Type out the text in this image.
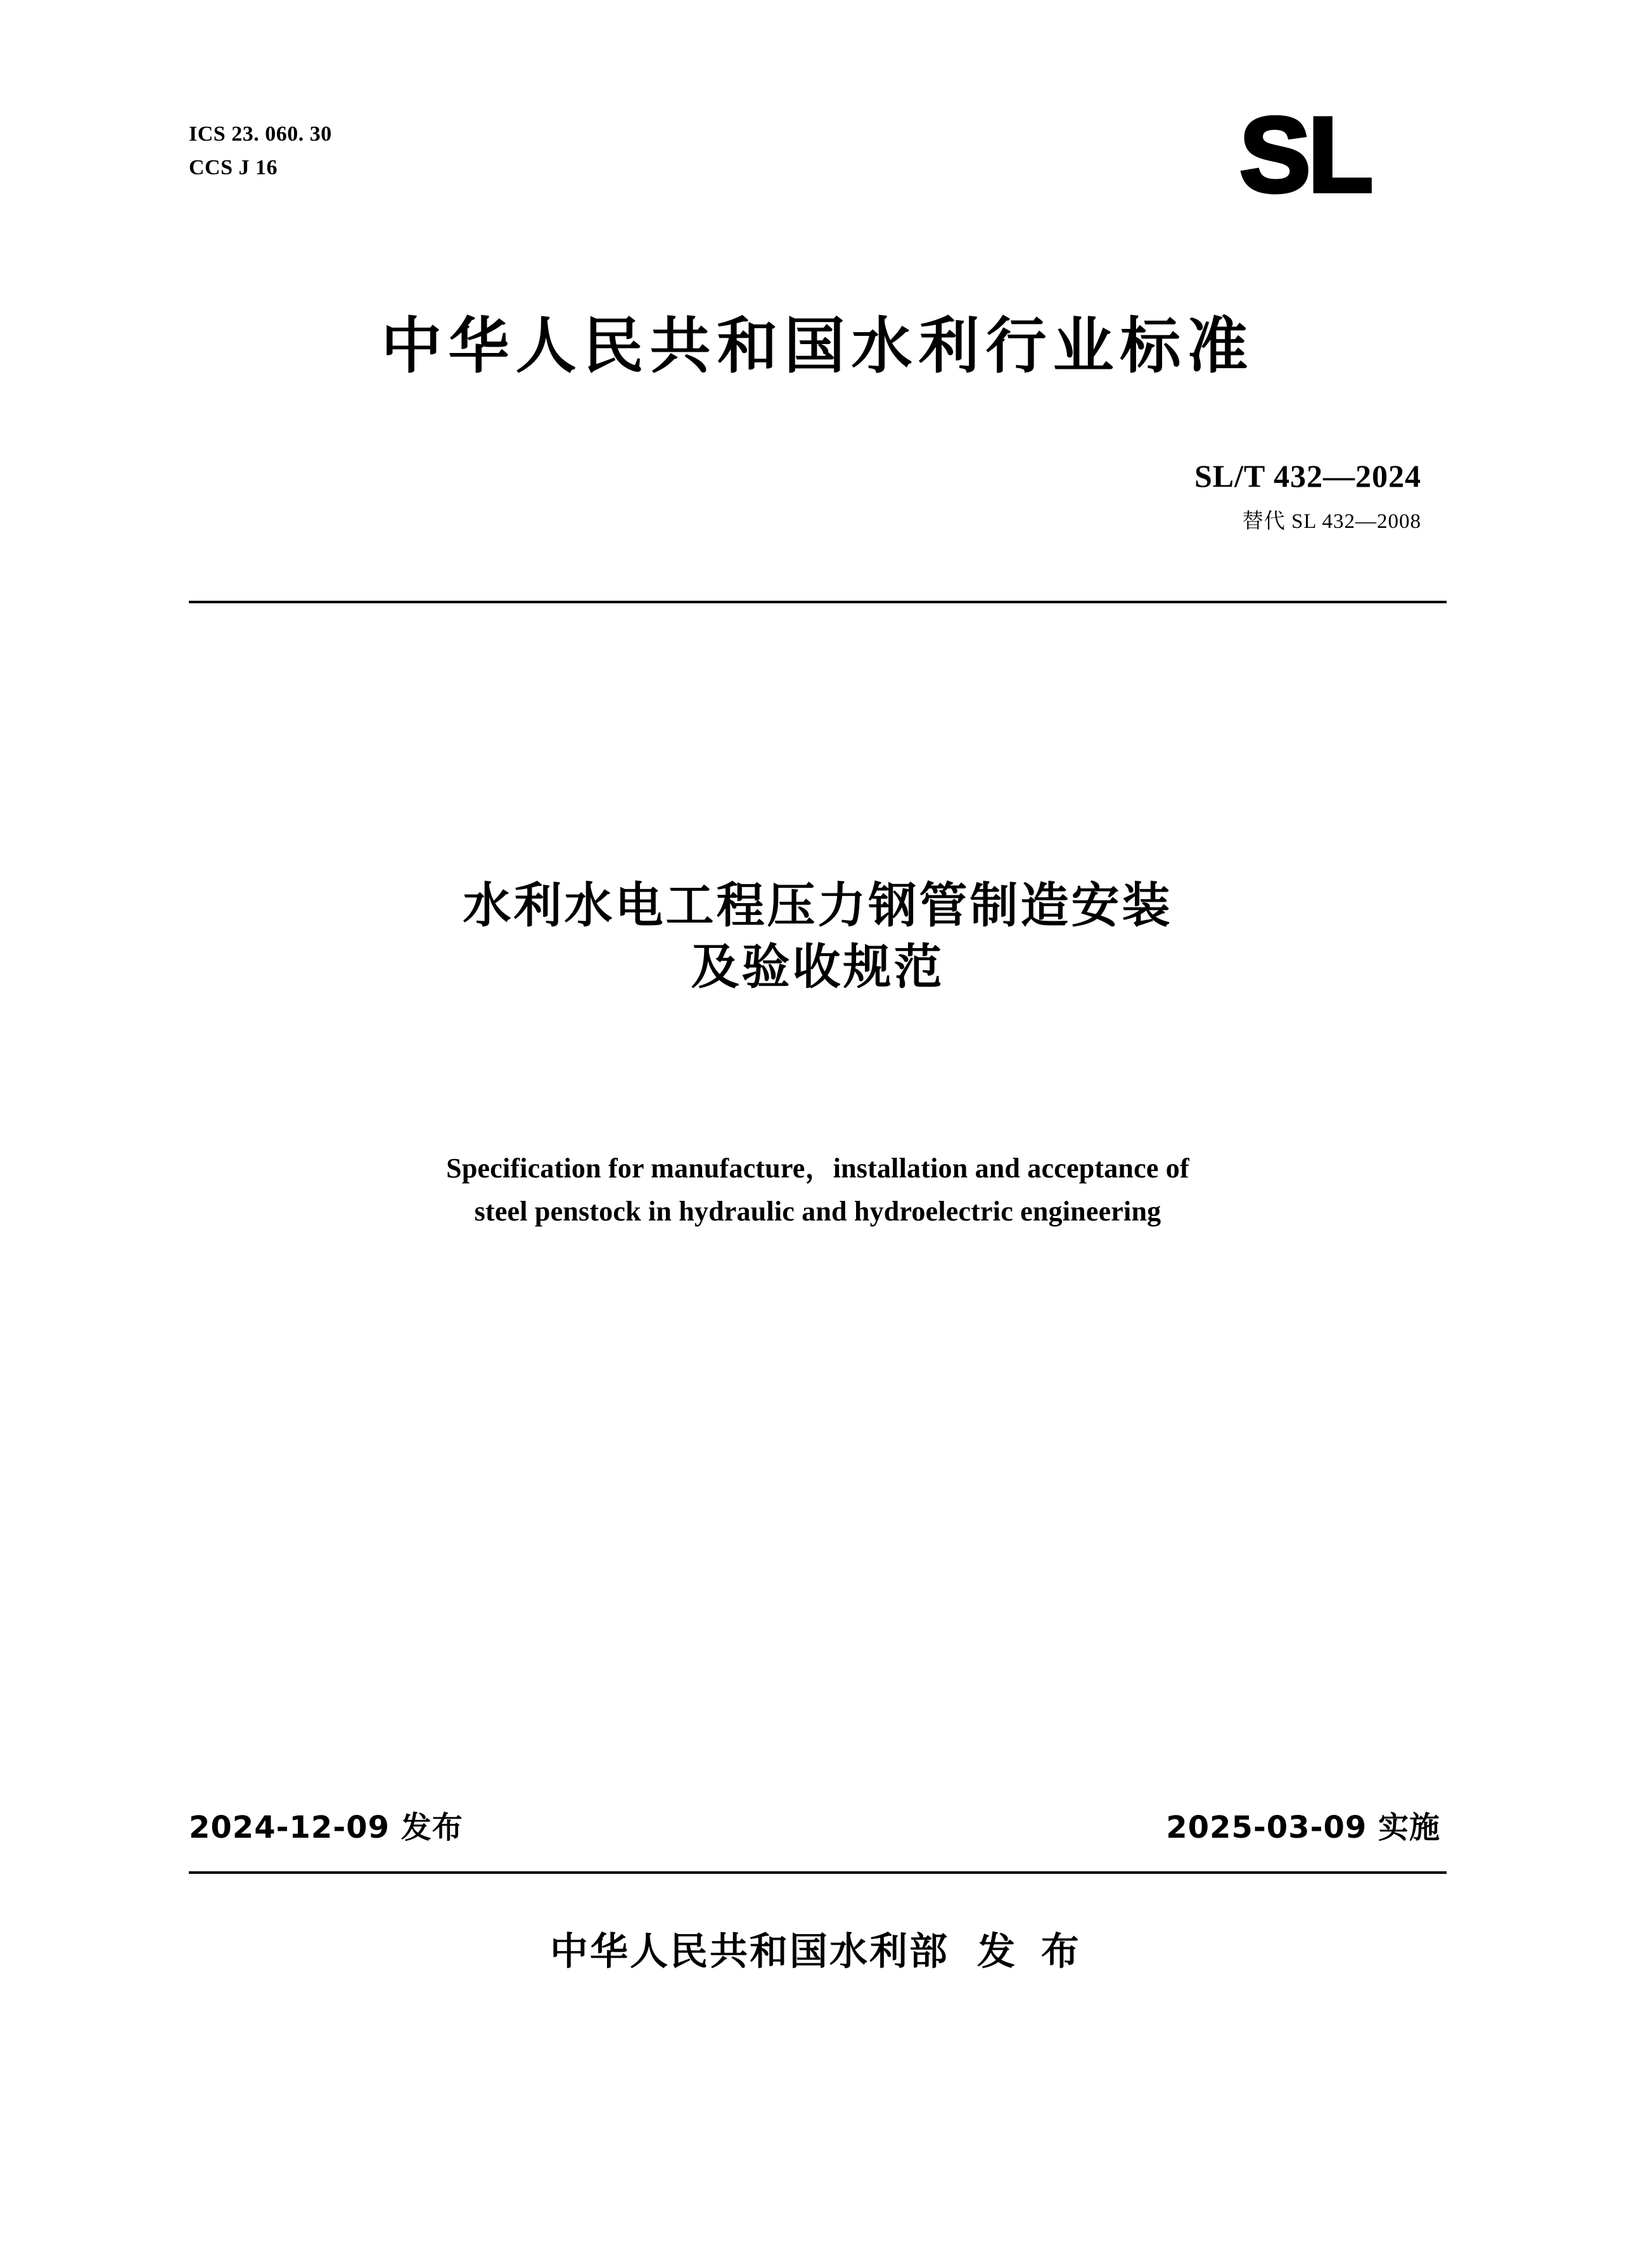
ICS 23. 060. 30
CCS J 16	SL
中华人民共和国水利行业标准
SL/T 432—2024
替代 SL 432—2008
水利水电工程压力钢管制造安装
及验收规范
Specification for manufacture，installation and acceptance of
steel penstock in hydraulic and hydroelectric engineering
2024-12-09 发布	2025-03-09 实施
中华人民共和国水利部 发 布
